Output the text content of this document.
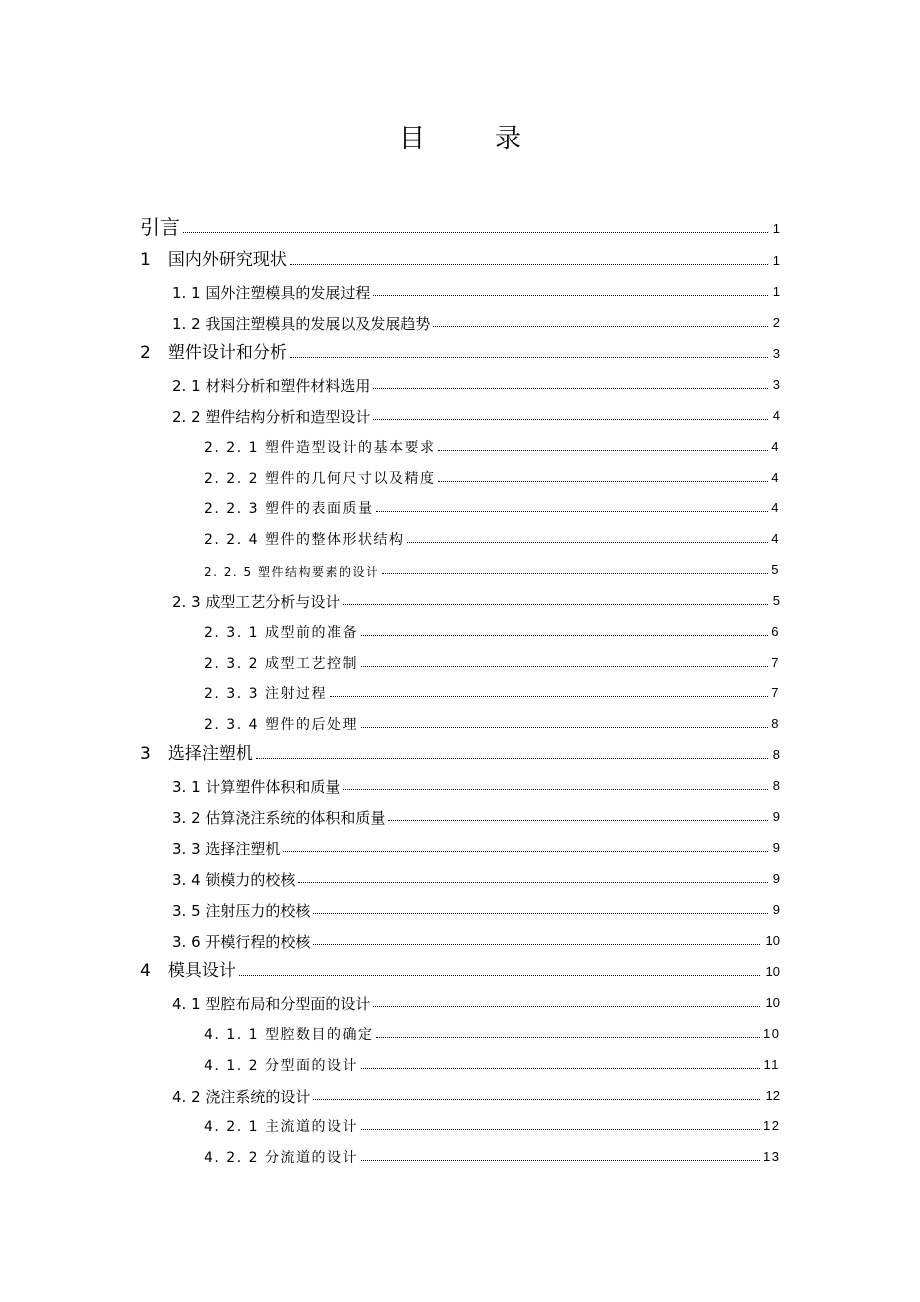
目　录
引言	1
1　国内外研究现状	1
1. 1 国外注塑模具的发展过程	1
1. 2 我国注塑模具的发展以及发展趋势	2
2　塑件设计和分析	3
2. 1 材料分析和塑件材料选用	3
2. 2 塑件结构分析和造型设计	4
2. 2. 1 塑件造型设计的基本要求	4
2. 2. 2 塑件的几何尺寸以及精度	4
2. 2. 3 塑件的表面质量	4
2. 2. 4 塑件的整体形状结构	4
2. 2. 5 塑件结构要素的设计	5
2. 3 成型工艺分析与设计	5
2. 3. 1 成型前的准备	6
2. 3. 2 成型工艺控制	7
2. 3. 3 注射过程	7
2. 3. 4 塑件的后处理	8
3　选择注塑机	8
3. 1 计算塑件体积和质量	8
3. 2 估算浇注系统的体积和质量	9
3. 3 选择注塑机	9
3. 4 锁模力的校核	9
3. 5 注射压力的校核	9
3. 6 开模行程的校核	10
4　模具设计	10
4. 1 型腔布局和分型面的设计	10
4. 1. 1 型腔数目的确定	10
4. 1. 2 分型面的设计	11
4. 2 浇注系统的设计	12
4. 2. 1 主流道的设计	12
4. 2. 2 分流道的设计	13
